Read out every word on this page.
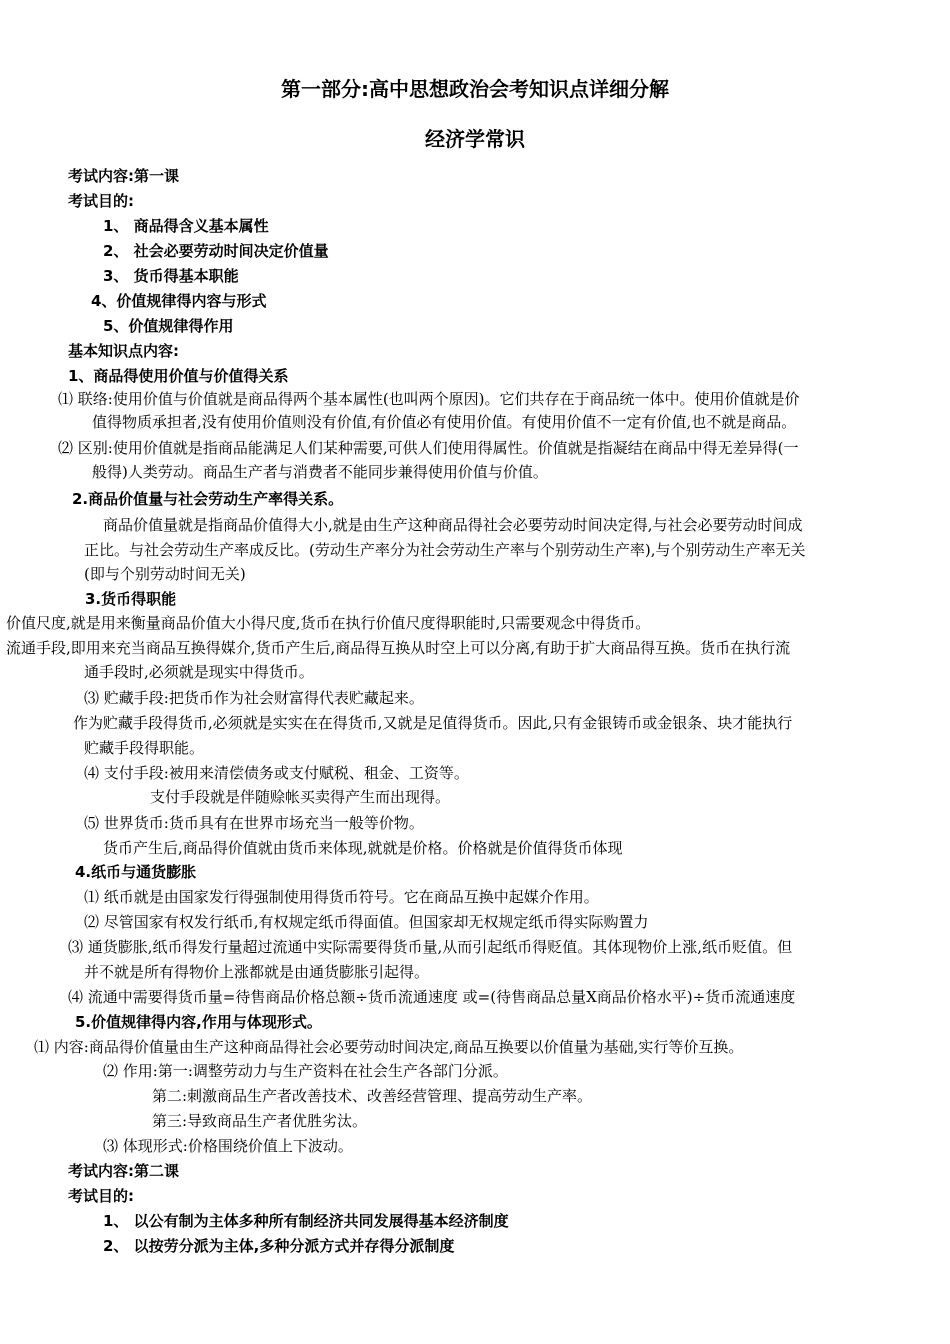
第一部分:高中思想政治会考知识点详细分解
经济学常识
考试内容:第一课
考试目的:
1、 商品得含义基本属性
2、 社会必要劳动时间决定价值量
3、 货币得基本职能
4、价值规律得内容与形式
5、价值规律得作用
基本知识点内容:
1、商品得使用价值与价值得关系
⑴ 联络:使用价值与价值就是商品得两个基本属性(也叫两个原因)。它们共存在于商品统一体中。使用价值就是价
值得物质承担者,没有使用价值则没有价值,有价值必有使用价值。有使用价值不一定有价值,也不就是商品。
⑵ 区别:使用价值就是指商品能满足人们某种需要,可供人们使用得属性。价值就是指凝结在商品中得无差异得(一
般得)人类劳动。商品生产者与消费者不能同步兼得使用价值与价值。
2.商品价值量与社会劳动生产率得关系。
商品价值量就是指商品价值得大小,就是由生产这种商品得社会必要劳动时间决定得,与社会必要劳动时间成
正比。与社会劳动生产率成反比。(劳动生产率分为社会劳动生产率与个别劳动生产率),与个别劳动生产率无关
(即与个别劳动时间无关)
3.货币得职能
价值尺度,就是用来衡量商品价值大小得尺度,货币在执行价值尺度得职能时,只需要观念中得货币。
流通手段,即用来充当商品互换得媒介,货币产生后,商品得互换从时空上可以分离,有助于扩大商品得互换。货币在执行流
通手段时,必须就是现实中得货币。
⑶ 贮藏手段:把货币作为社会财富得代表贮藏起来。
作为贮藏手段得货币,必须就是实实在在得货币,又就是足值得货币。因此,只有金银铸币或金银条、块才能执行
贮藏手段得职能。
⑷ 支付手段:被用来清偿债务或支付赋税、租金、工资等。
支付手段就是伴随赊帐买卖得产生而出现得。
⑸ 世界货币:货币具有在世界市场充当一般等价物。
货币产生后,商品得价值就由货币来体现,就就是价格。价格就是价值得货币体现
4.纸币与通货膨胀
⑴ 纸币就是由国家发行得强制使用得货币符号。它在商品互换中起媒介作用。
⑵ 尽管国家有权发行纸币,有权规定纸币得面值。但国家却无权规定纸币得实际购置力
⑶ 通货膨胀,纸币得发行量超过流通中实际需要得货币量,从而引起纸币得贬值。其体现物价上涨,纸币贬值。但
并不就是所有得物价上涨都就是由通货膨胀引起得。
⑷ 流通中需要得货币量=待售商品价格总额÷货币流通速度 或=(待售商品总量Ⅹ商品价格水平)÷货币流通速度
5.价值规律得内容,作用与体现形式。
⑴ 内容:商品得价值量由生产这种商品得社会必要劳动时间决定,商品互换要以价值量为基础,实行等价互换。
⑵ 作用:第一:调整劳动力与生产资料在社会生产各部门分派。
第二:刺激商品生产者改善技术、改善经营管理、提高劳动生产率。
第三:导致商品生产者优胜劣汰。
⑶ 体现形式:价格围绕价值上下波动。
考试内容:第二课
考试目的:
1、 以公有制为主体多种所有制经济共同发展得基本经济制度
2、 以按劳分派为主体,多种分派方式并存得分派制度
